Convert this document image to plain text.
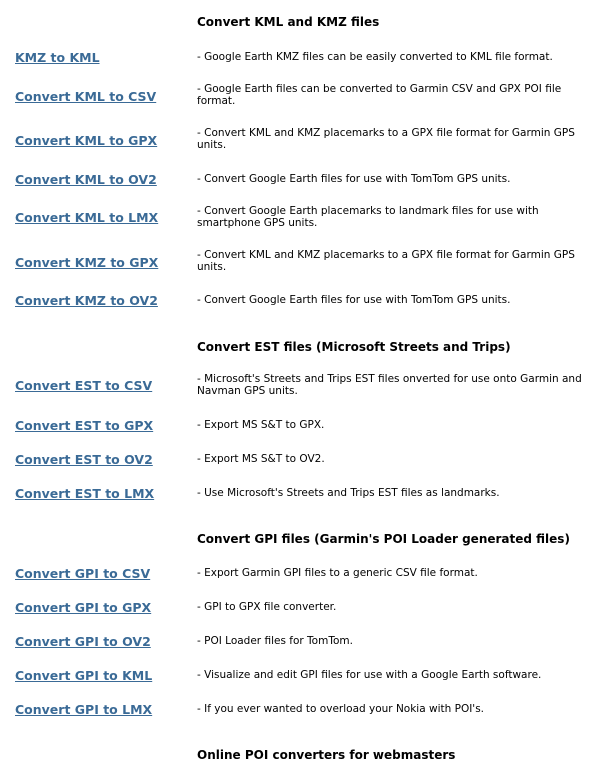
Convert KML and KMZ files
KMZ to KML	- Google Earth KMZ files can be easily converted to KML file format.
Convert KML to CSV	- Google Earth files can be converted to Garmin CSV and GPX POI file format.
Convert KML to GPX	- Convert KML and KMZ placemarks to a GPX file format for Garmin GPS units.
Convert KML to OV2	- Convert Google Earth files for use with TomTom GPS units.
Convert KML to LMX	- Convert Google Earth placemarks to landmark files for use with smartphone GPS units.
Convert KMZ to GPX	- Convert KML and KMZ placemarks to a GPX file format for Garmin GPS units.
Convert KMZ to OV2	- Convert Google Earth files for use with TomTom GPS units.
Convert EST files (Microsoft Streets and Trips)
Convert EST to CSV	- Microsoft's Streets and Trips EST files onverted for use onto Garmin and Navman GPS units.
Convert EST to GPX	- Export MS S&T to GPX.
Convert EST to OV2	- Export MS S&T to OV2.
Convert EST to LMX	- Use Microsoft's Streets and Trips EST files as landmarks.
Convert GPI files (Garmin's POI Loader generated files)
Convert GPI to CSV	- Export Garmin GPI files to a generic CSV file format.
Convert GPI to GPX	- GPI to GPX file converter.
Convert GPI to OV2	- POI Loader files for TomTom.
Convert GPI to KML	- Visualize and edit GPI files for use with a Google Earth software.
Convert GPI to LMX	- If you ever wanted to overload your Nokia with POI's.
Online POI converters for webmasters
